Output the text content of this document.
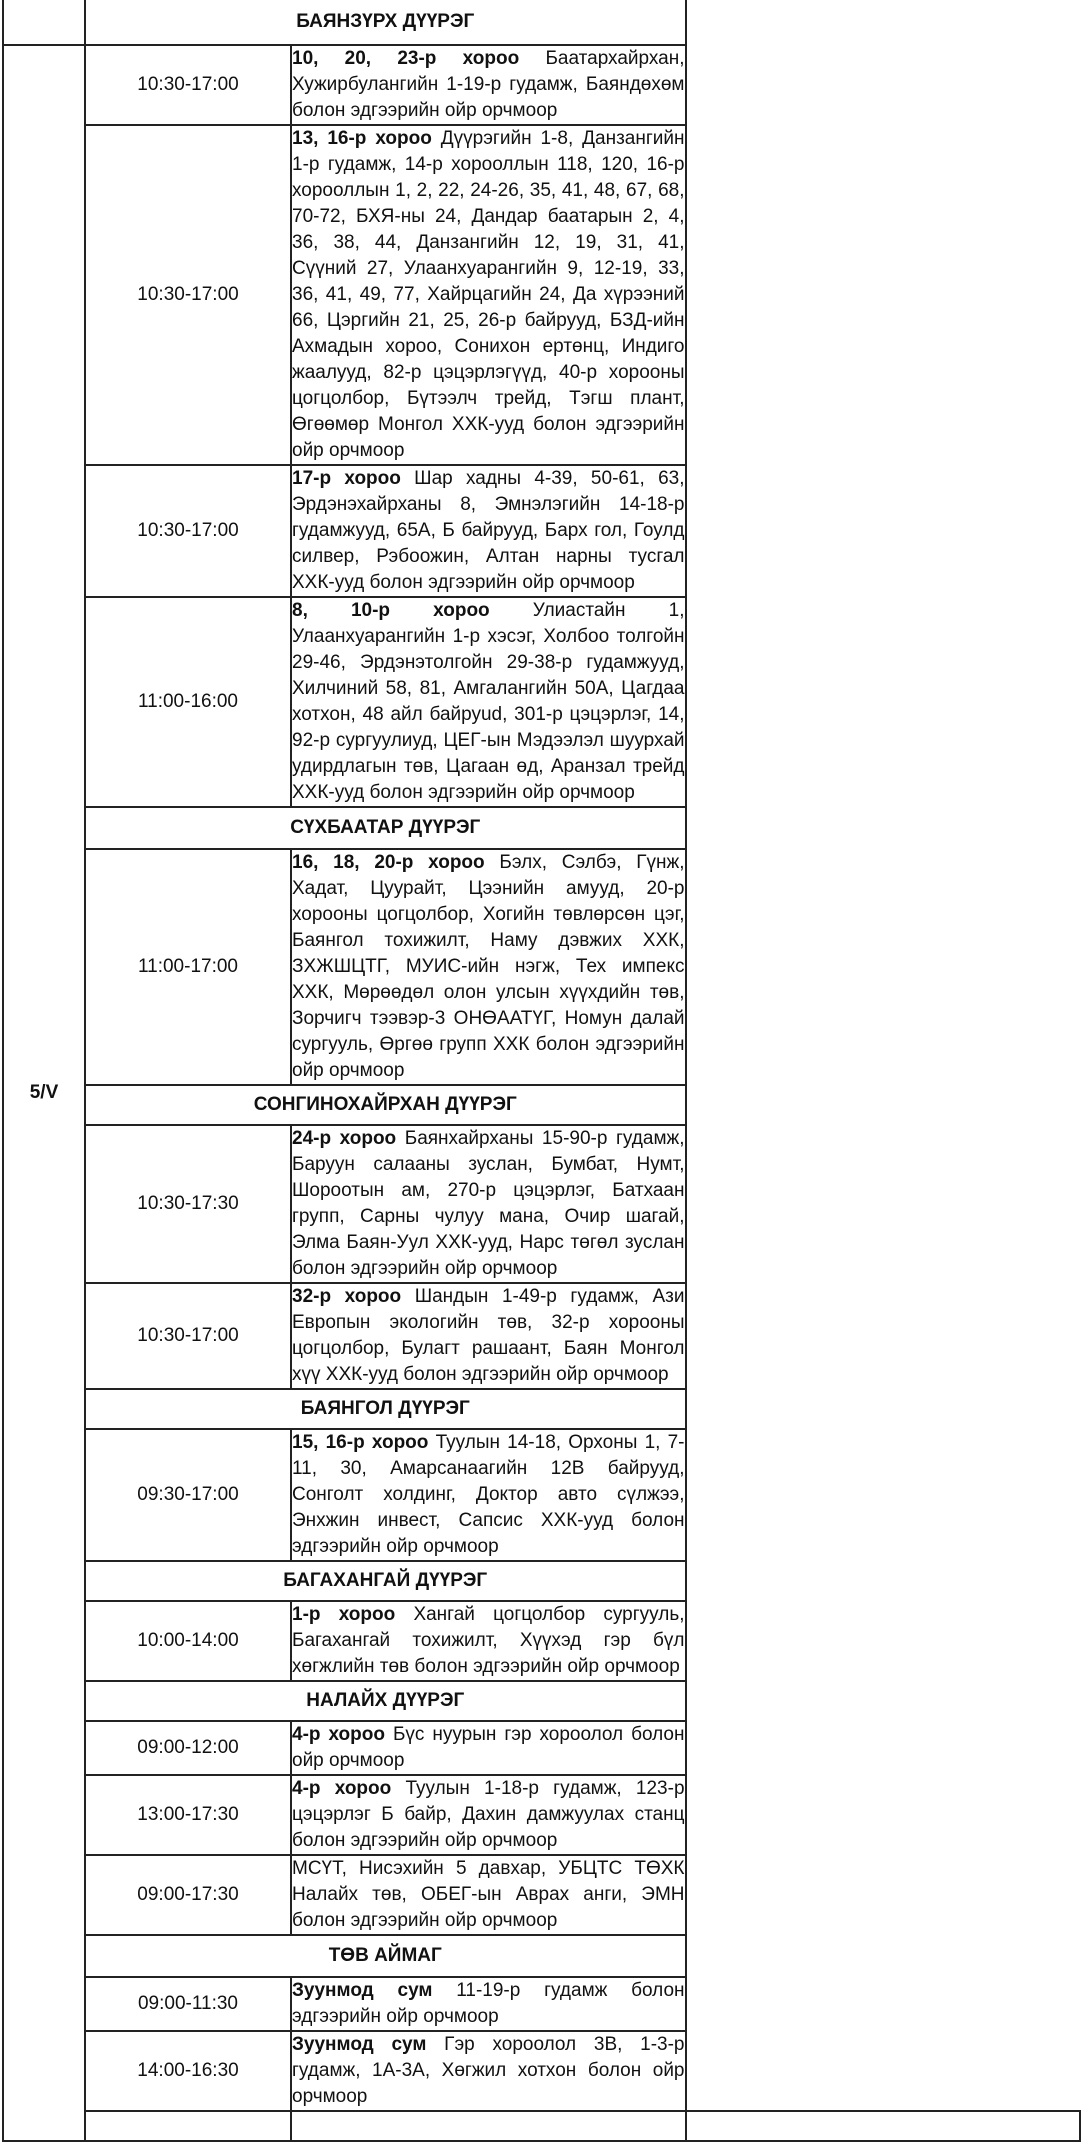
	БАЯНЗҮРХ ДҮҮРЭГ		
5/V	10:30-17:00	10, 20, 23-р хороо Баатархайрхан, Хужирбулангийн 1-19-р гудамж, Баяндөхөм болон эдгээрийн ойр орчмоор	
	10:30-17:00	13, 16-р хороо Дүүрэгийн 1-8, Данзангийн 1-р гудамж, 14-р хорооллын 118, 120, 16-р хорооллын 1, 2, 22, 24-26, 35, 41, 48, 67, 68, 70-72, БХЯ-ны 24, Дандар баатарын 2, 4, 36, 38, 44, Данзангийн 12, 19, 31, 41, Сүүний 27, Улаанхуарангийн 9, 12-19, 33, 36, 41, 49, 77, Хайрцагийн 24, Да хүрээний 66, Цэргийн 21, 25, 26-р байрууд, БЗД-ийн Ахмадын хороо, Сонихон ертөнц, Индиго жаалууд, 82-р цэцэрлэгүүд, 40-р хорооны цогцолбор, Бүтээлч трейд, Тэгш плант, Өгөөмөр Монгол ХХК-ууд болон эдгээрийн ойр орчмоор	
	10:30-17:00	17-р хороо Шар хадны 4-39, 50-61, 63, Эрдэнэхайрханы 8, Эмнэлэгийн 14-18-р гудамжууд, 65А, Б байрууд, Барх гол, Гоулд силвер, Рэбоожин, Алтан нарны тусгал ХХК-ууд болон эдгээрийн ойр орчмоор	
	11:00-16:00	8, 10-р хороо Улиастайн 1, Улаанхуарангийн 1-р хэсэг, Холбоо толгойн 29-46, Эрдэнэтолгойн 29-38-р гудамжууд, Хилчиний 58, 81, Амгалангийн 50А, Цагдаа хотхон, 48 айл байруud, 301-р цэцэрлэг, 14, 92-р сургуулиуд, ЦЕГ-ын Мэдээлэл шуурхай удирдлагын төв, Цагаан өд, Аранзал трейд ХХК-ууд болон эдгээрийн ойр орчмоор	
	СҮХБААТАР ДҮҮРЭГ		
	11:00-17:00	16, 18, 20-р хороо Бэлх, Сэлбэ, Гүнж, Хадат, Цуурайт, Цээнийн амууд, 20-р хорооны цогцолбор, Хогийн төвлөрсөн цэг, Баянгол тохижилт, Наму дэвжих ХХК, ЗХЖШЦТГ, МУИС-ийн нэгж, Тех импекс ХХК, Мөрөөдөл олон улсын хүүхдийн төв, Зорчигч тээвэр-3 ОНӨААТҮГ, Номун далай сургууль, Өргөө групп ХХК болон эдгээрийн ойр орчмоор	
	СОНГИНОХАЙРХАН ДҮҮРЭГ		
	10:30-17:30	24-р хороо Баянхайрханы 15-90-р гудамж, Баруун салааны зуслан, Бумбат, Нумт, Шороотын ам, 270-р цэцэрлэг, Батхаан групп, Сарны чулуу мана, Очир шагай, Элма Баян-Уул ХХК-ууд, Нарс төгөл зуслан болон эдгээрийн ойр орчмоор	
	10:30-17:00	32-р хороо Шандын 1-49-р гудамж, Ази Европын экологийн төв, 32-р хорооны цогцолбор, Булагт рашаант, Баян Монгол хүү ХХК-ууд болон эдгээрийн ойр орчмоор	
	БАЯНГОЛ ДҮҮРЭГ		
	09:30-17:00	15, 16-р хороо Туулын 14-18, Орхоны 1, 7-11, 30, Амарсанаагийн 12В байрууд, Сонголт холдинг, Доктор авто сүлжээ, Энхжин инвест, Сапсис ХХК-ууд болон эдгээрийн ойр орчмоор	
	БАГАХАНГАЙ ДҮҮРЭГ		
	10:00-14:00	1-р хороо Хангай цогцолбор сургууль, Багахангай тохижилт, Хүүхэд гэр бүл хөгжлийн төв болон эдгээрийн ойр орчмоор	
	НАЛАЙХ ДҮҮРЭГ		
	09:00-12:00	4-р хороо Бүс нуурын гэр хороолол болон ойр орчмоор	
	13:00-17:30	4-р хороо Туулын 1-18-р гудамж, 123-р цэцэрлэг Б байр, Дахин дамжуулах станц болон эдгээрийн ойр орчмоор	
	09:00-17:30	МСҮТ, Нисэхийн 5 давхар, УБЦТС ТӨХК Налайх төв, ОБЕГ-ын Аврах анги, ЭМН болон эдгээрийн ойр орчмоор	
	ТӨВ АЙМАГ		
	09:00-11:30	Зуунмод сум 11-19-р гудамж болон эдгээрийн ойр орчмоор	
	14:00-16:30	Зуунмод сум Гэр хороолол 3В, 1-3-р гудамж, 1А-3А, Хөгжил хотхон болон ойр орчмоор	
